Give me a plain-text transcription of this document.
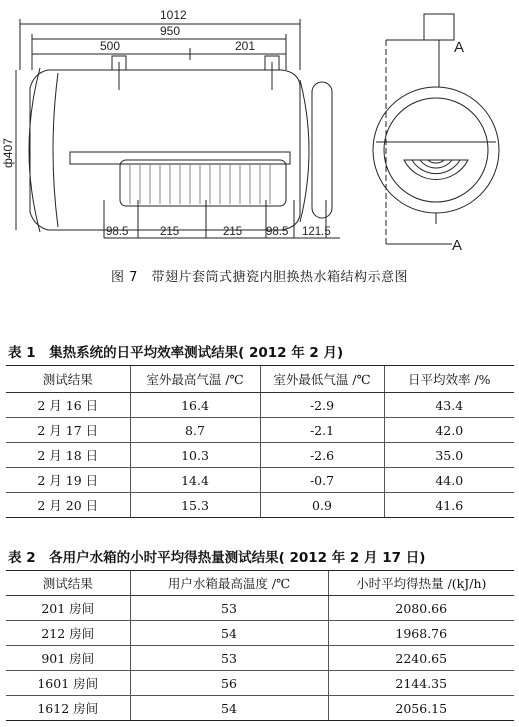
1012
950
500	201
ф407
98.5	215	215 98.5 121.5
A
A
图 7　带翅片套筒式搪瓷内胆换热水箱结构示意图
表 1　集热系统的日平均效率测试结果( 2012 年 2 月)
测试结果	室外最高气温 /℃	室外最低气温 /℃	日平均效率 /%
2 月 16 日	16.4	-2.9	43.4
2 月 17 日	8.7	-2.1	42.0
2 月 18 日	10.3	-2.6	35.0
2 月 19 日	14.4	-0.7	44.0
2 月 20 日	15.3	0.9	41.6
表 2　各用户水箱的小时平均得热量测试结果( 2012 年 2 月 17 日)
测试结果	用户水箱最高温度 /℃	小时平均得热量 /(kJ/h)
201 房间	53	2080.66
212 房间	54	1968.76
901 房间	53	2240.65
1601 房间	56	2144.35
1612 房间	54	2056.15
